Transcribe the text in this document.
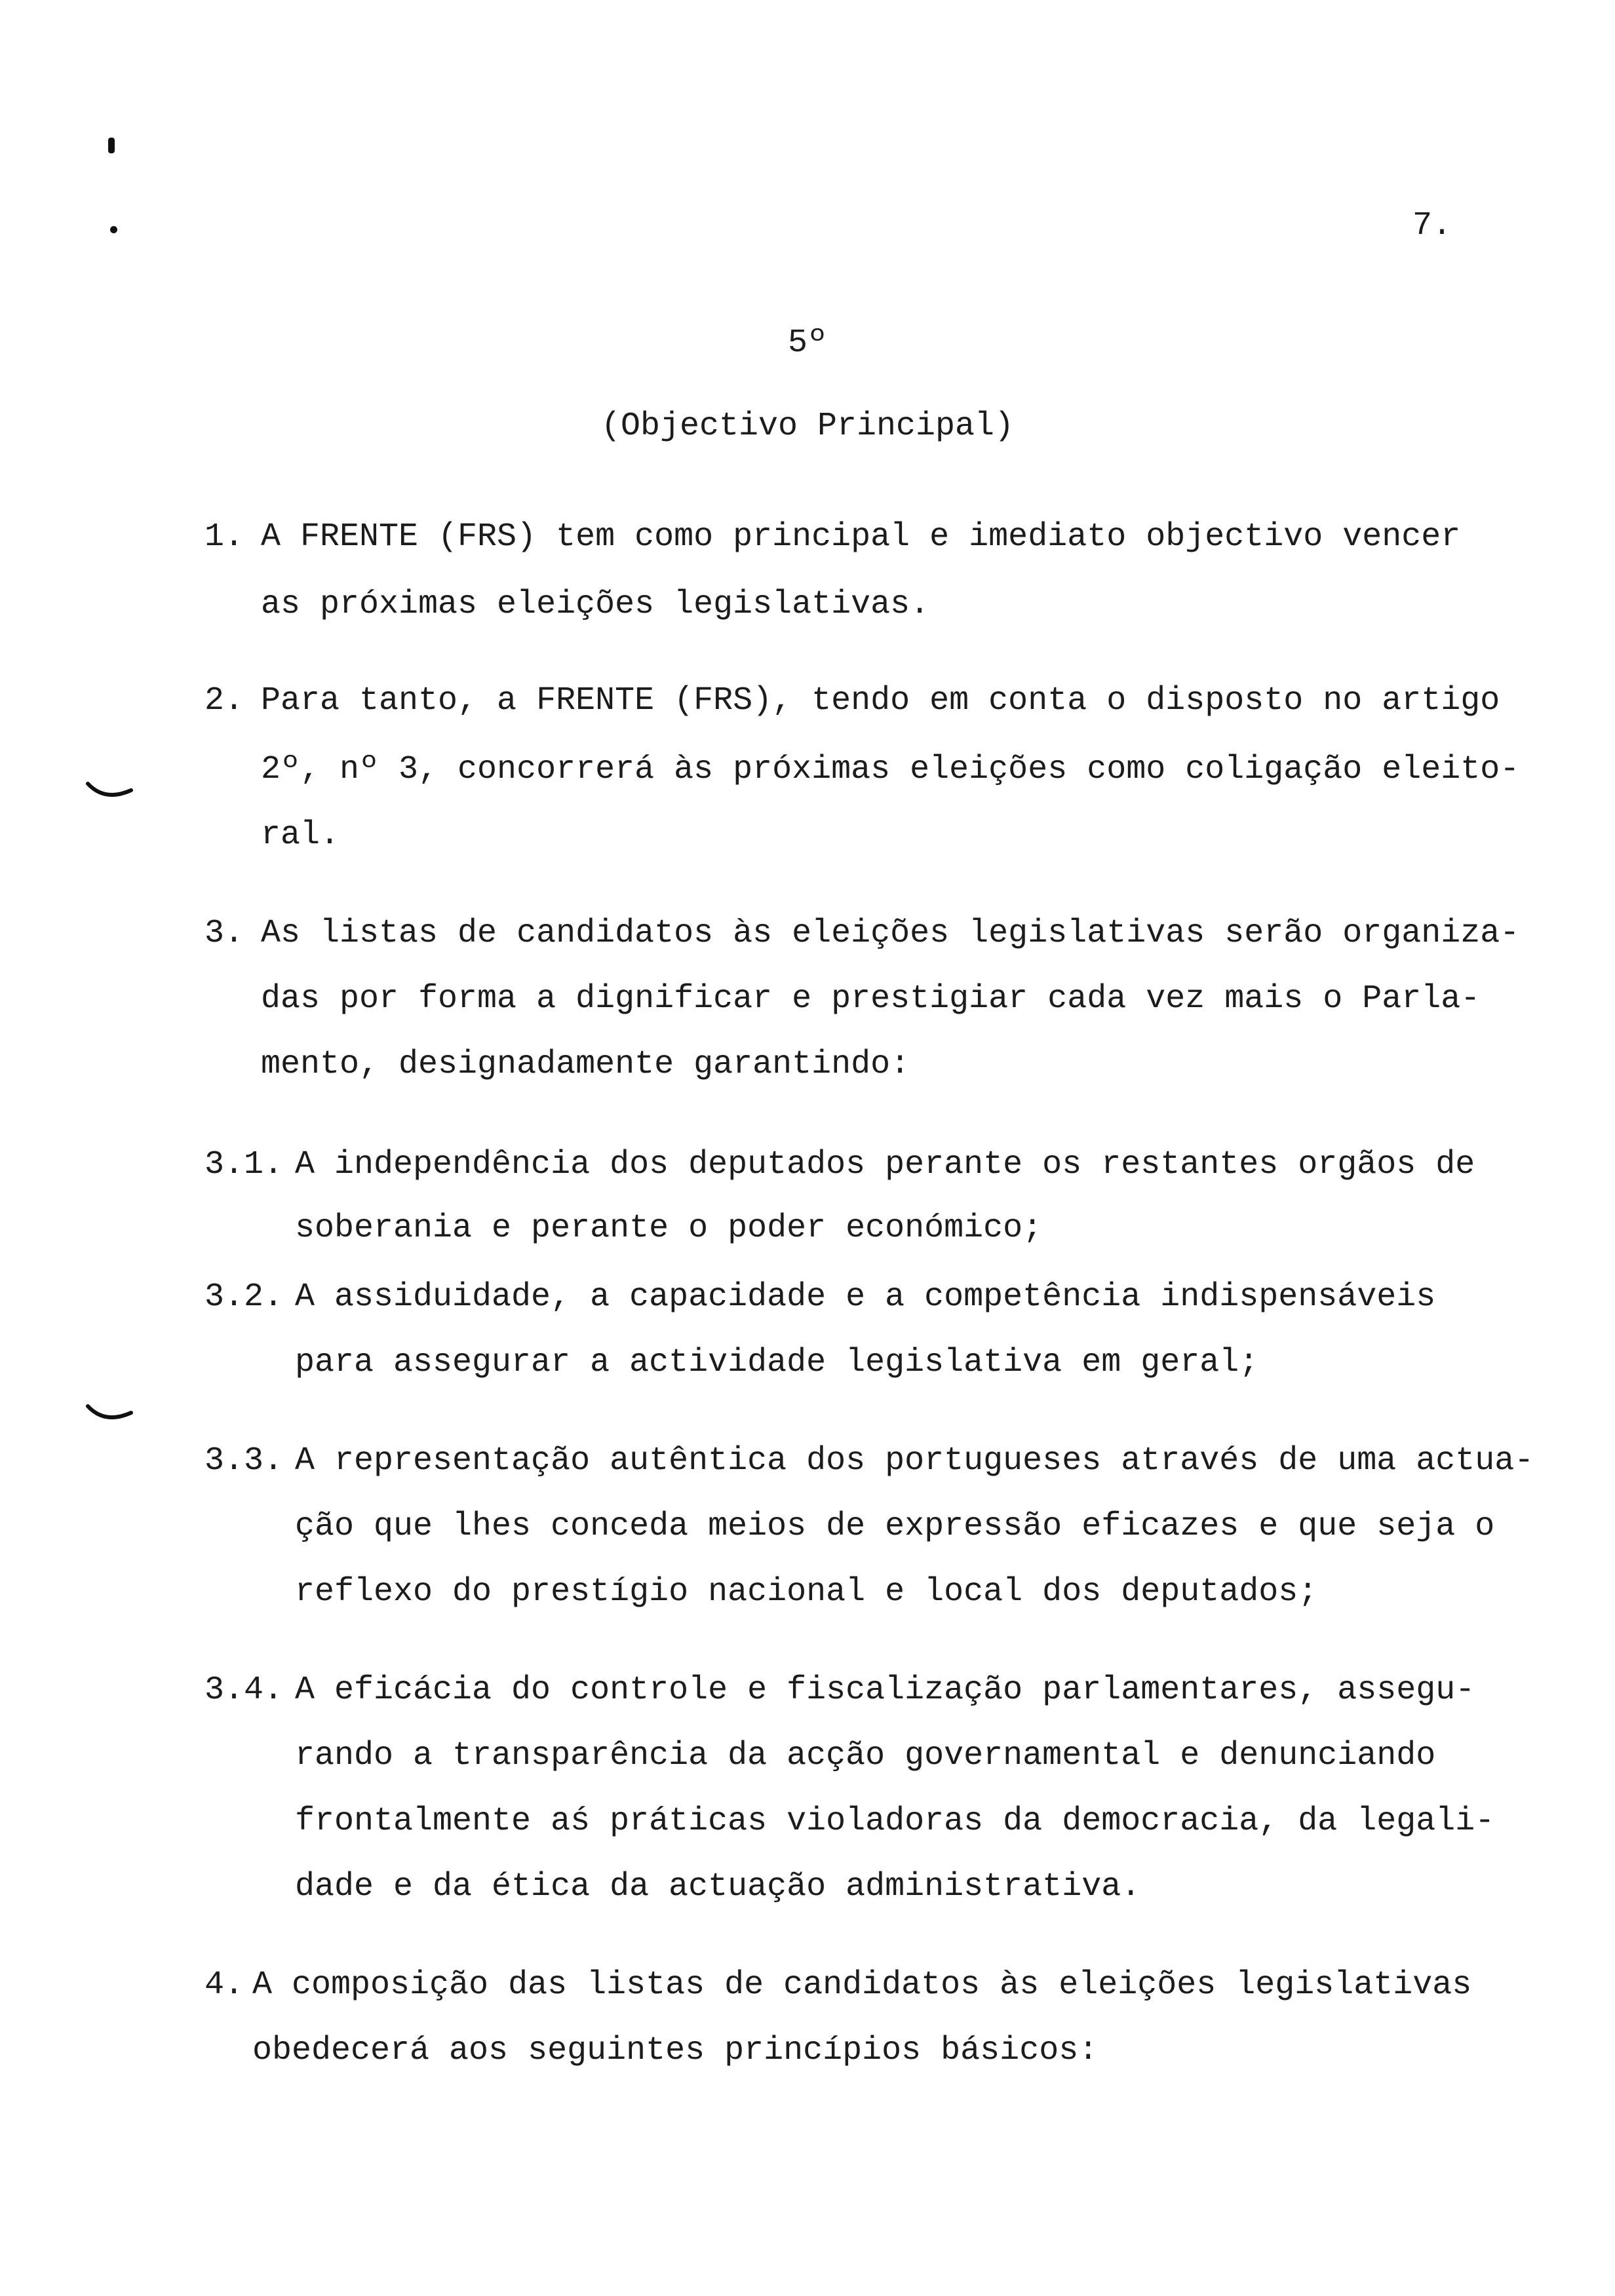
7.
5º
(Objectivo Principal)
1. A FRENTE (FRS) tem como principal e imediato objectivo vencer
as próximas eleições legislativas.
2. Para tanto, a FRENTE (FRS), tendo em conta o disposto no artigo
2º, nº 3, concorrerá às próximas eleições como coligação eleito-
ral.
3. As listas de candidatos às eleições legislativas serão organiza-
das por forma a dignificar e prestigiar cada vez mais o Parla-
mento, designadamente garantindo:
3.1. A independência dos deputados perante os restantes orgãos de
soberania e perante o poder económico;
3.2. A assiduidade, a capacidade e a competência indispensáveis
para assegurar a actividade legislativa em geral;
3.3. A representação autêntica dos portugueses através de uma actua-
ção que lhes conceda meios de expressão eficazes e que seja o
reflexo do prestígio nacional e local dos deputados;
3.4. A eficácia do controle e fiscalização parlamentares, assegu-
rando a transparência da acção governamental e denunciando
frontalmente aś práticas violadoras da democracia, da legali-
dade e da ética da actuação administrativa.
4. A composição das listas de candidatos às eleições legislativas
obedecerá aos seguintes princípios básicos:
